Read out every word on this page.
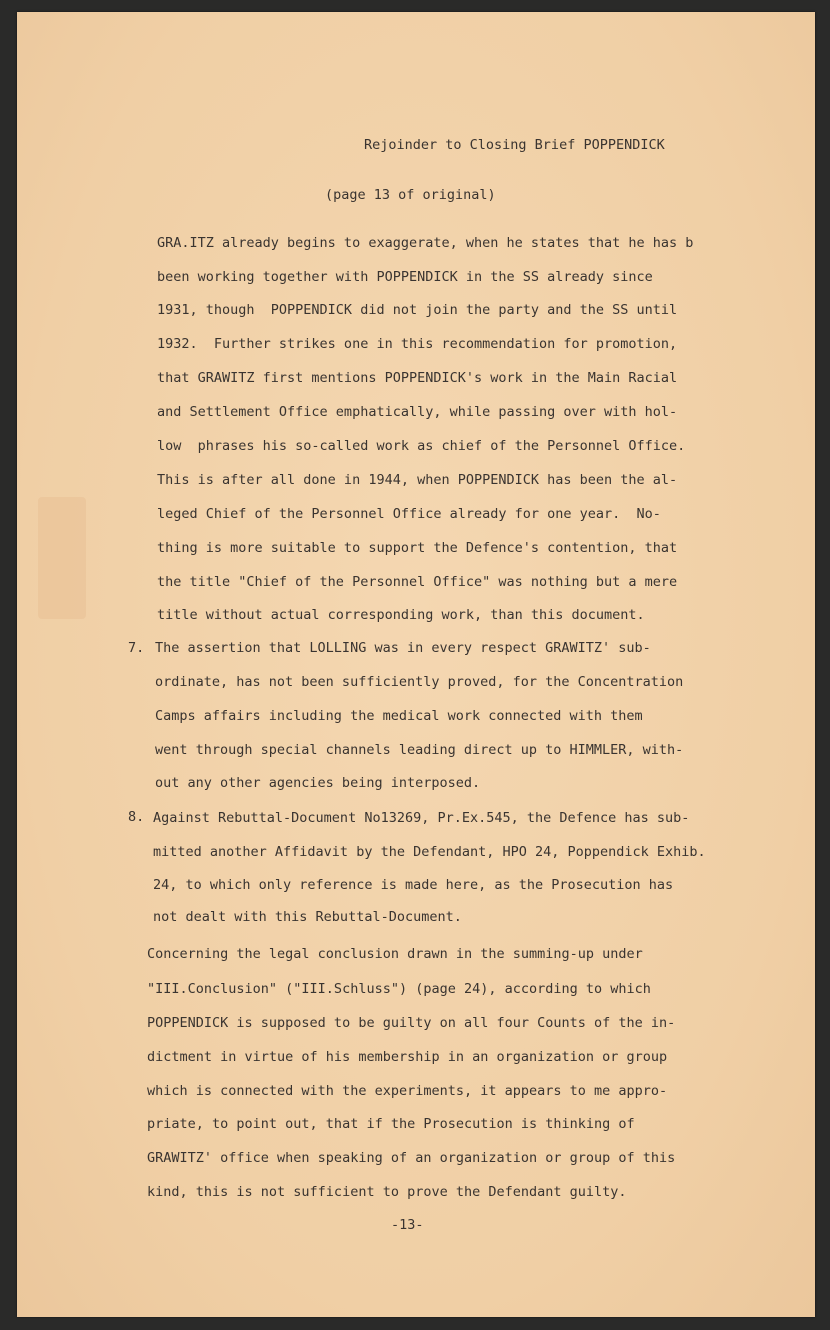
Rejoinder to Closing Brief POPPENDICK
(page 13 of original)
GRA.ITZ already begins to exaggerate, when he states that he has b
been working together with POPPENDICK in the SS already since
1931, though  POPPENDICK did not join the party and the SS until
1932.  Further strikes one in this recommendation for promotion,
that GRAWITZ first mentions POPPENDICK's work in the Main Racial
and Settlement Office emphatically, while passing over with hol-
low  phrases his so-called work as chief of the Personnel Office.
This is after all done in 1944, when POPPENDICK has been the al-
leged Chief of the Personnel Office already for one year.  No-
thing is more suitable to support the Defence's contention, that
the title "Chief of the Personnel Office" was nothing but a mere
title without actual corresponding work, than this document.
7. The assertion that LOLLING was in every respect GRAWITZ' sub-
ordinate, has not been sufficiently proved, for the Concentration
Camps affairs including the medical work connected with them
went through special channels leading direct up to HIMMLER, with-
out any other agencies being interposed.
8. Against Rebuttal-Document No13269, Pr.Ex.545, the Defence has sub-
mitted another Affidavit by the Defendant, HPO 24, Poppendick Exhib.
24, to which only reference is made here, as the Prosecution has
not dealt with this Rebuttal-Document.
Concerning the legal conclusion drawn in the summing-up under
"III.Conclusion" ("III.Schluss") (page 24), according to which
POPPENDICK is supposed to be guilty on all four Counts of the in-
dictment in virtue of his membership in an organization or group
which is connected with the experiments, it appears to me appro-
priate, to point out, that if the Prosecution is thinking of
GRAWITZ' office when speaking of an organization or group of this
kind, this is not sufficient to prove the Defendant guilty.
-13-
